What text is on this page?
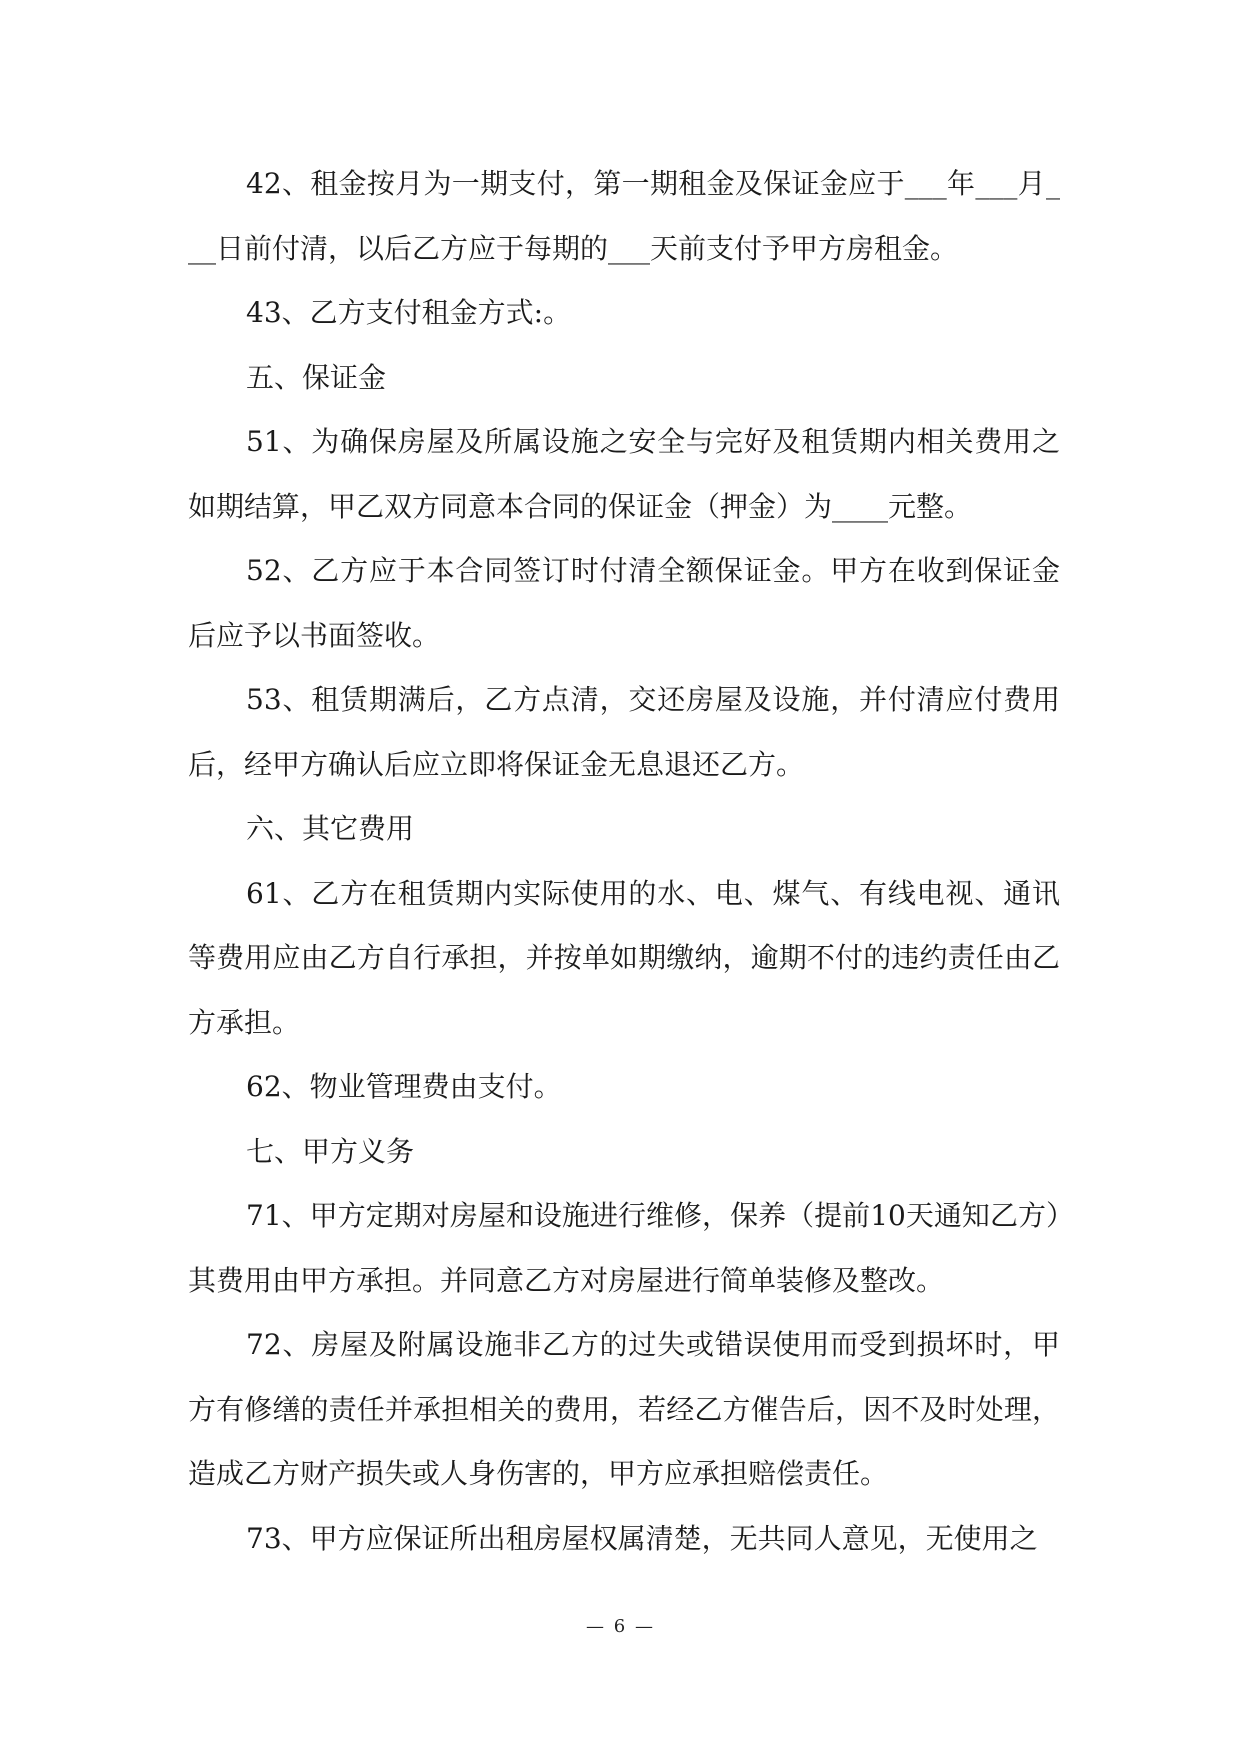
42、租金按月为一期支付，第一期租金及保证金应于___年___月___日前付清，以后乙方应于每期的___天前支付予甲方房租金。

43、乙方支付租金方式:。

五、保证金

51、为确保房屋及所属设施之安全与完好及租赁期内相关费用之如期结算，甲乙双方同意本合同的保证金（押金）为____元整。

52、乙方应于本合同签订时付清全额保证金。甲方在收到保证金后应予以书面签收。

53、租赁期满后，乙方点清，交还房屋及设施，并付清应付费用后，经甲方确认后应立即将保证金无息退还乙方。

六、其它费用

61、乙方在租赁期内实际使用的水、电、煤气、有线电视、通讯等费用应由乙方自行承担，并按单如期缴纳，逾期不付的违约责任由乙方承担。

62、物业管理费由支付。

七、甲方义务

71、甲方定期对房屋和设施进行维修，保养（提前10天通知乙方）其费用由甲方承担。并同意乙方对房屋进行简单装修及整改。

72、房屋及附属设施非乙方的过失或错误使用而受到损坏时，甲方有修缮的责任并承担相关的费用，若经乙方催告后，因不及时处理，造成乙方财产损失或人身伤害的，甲方应承担赔偿责任。

73、甲方应保证所出租房屋权属清楚，无共同人意见，无使用之

— 6 —
